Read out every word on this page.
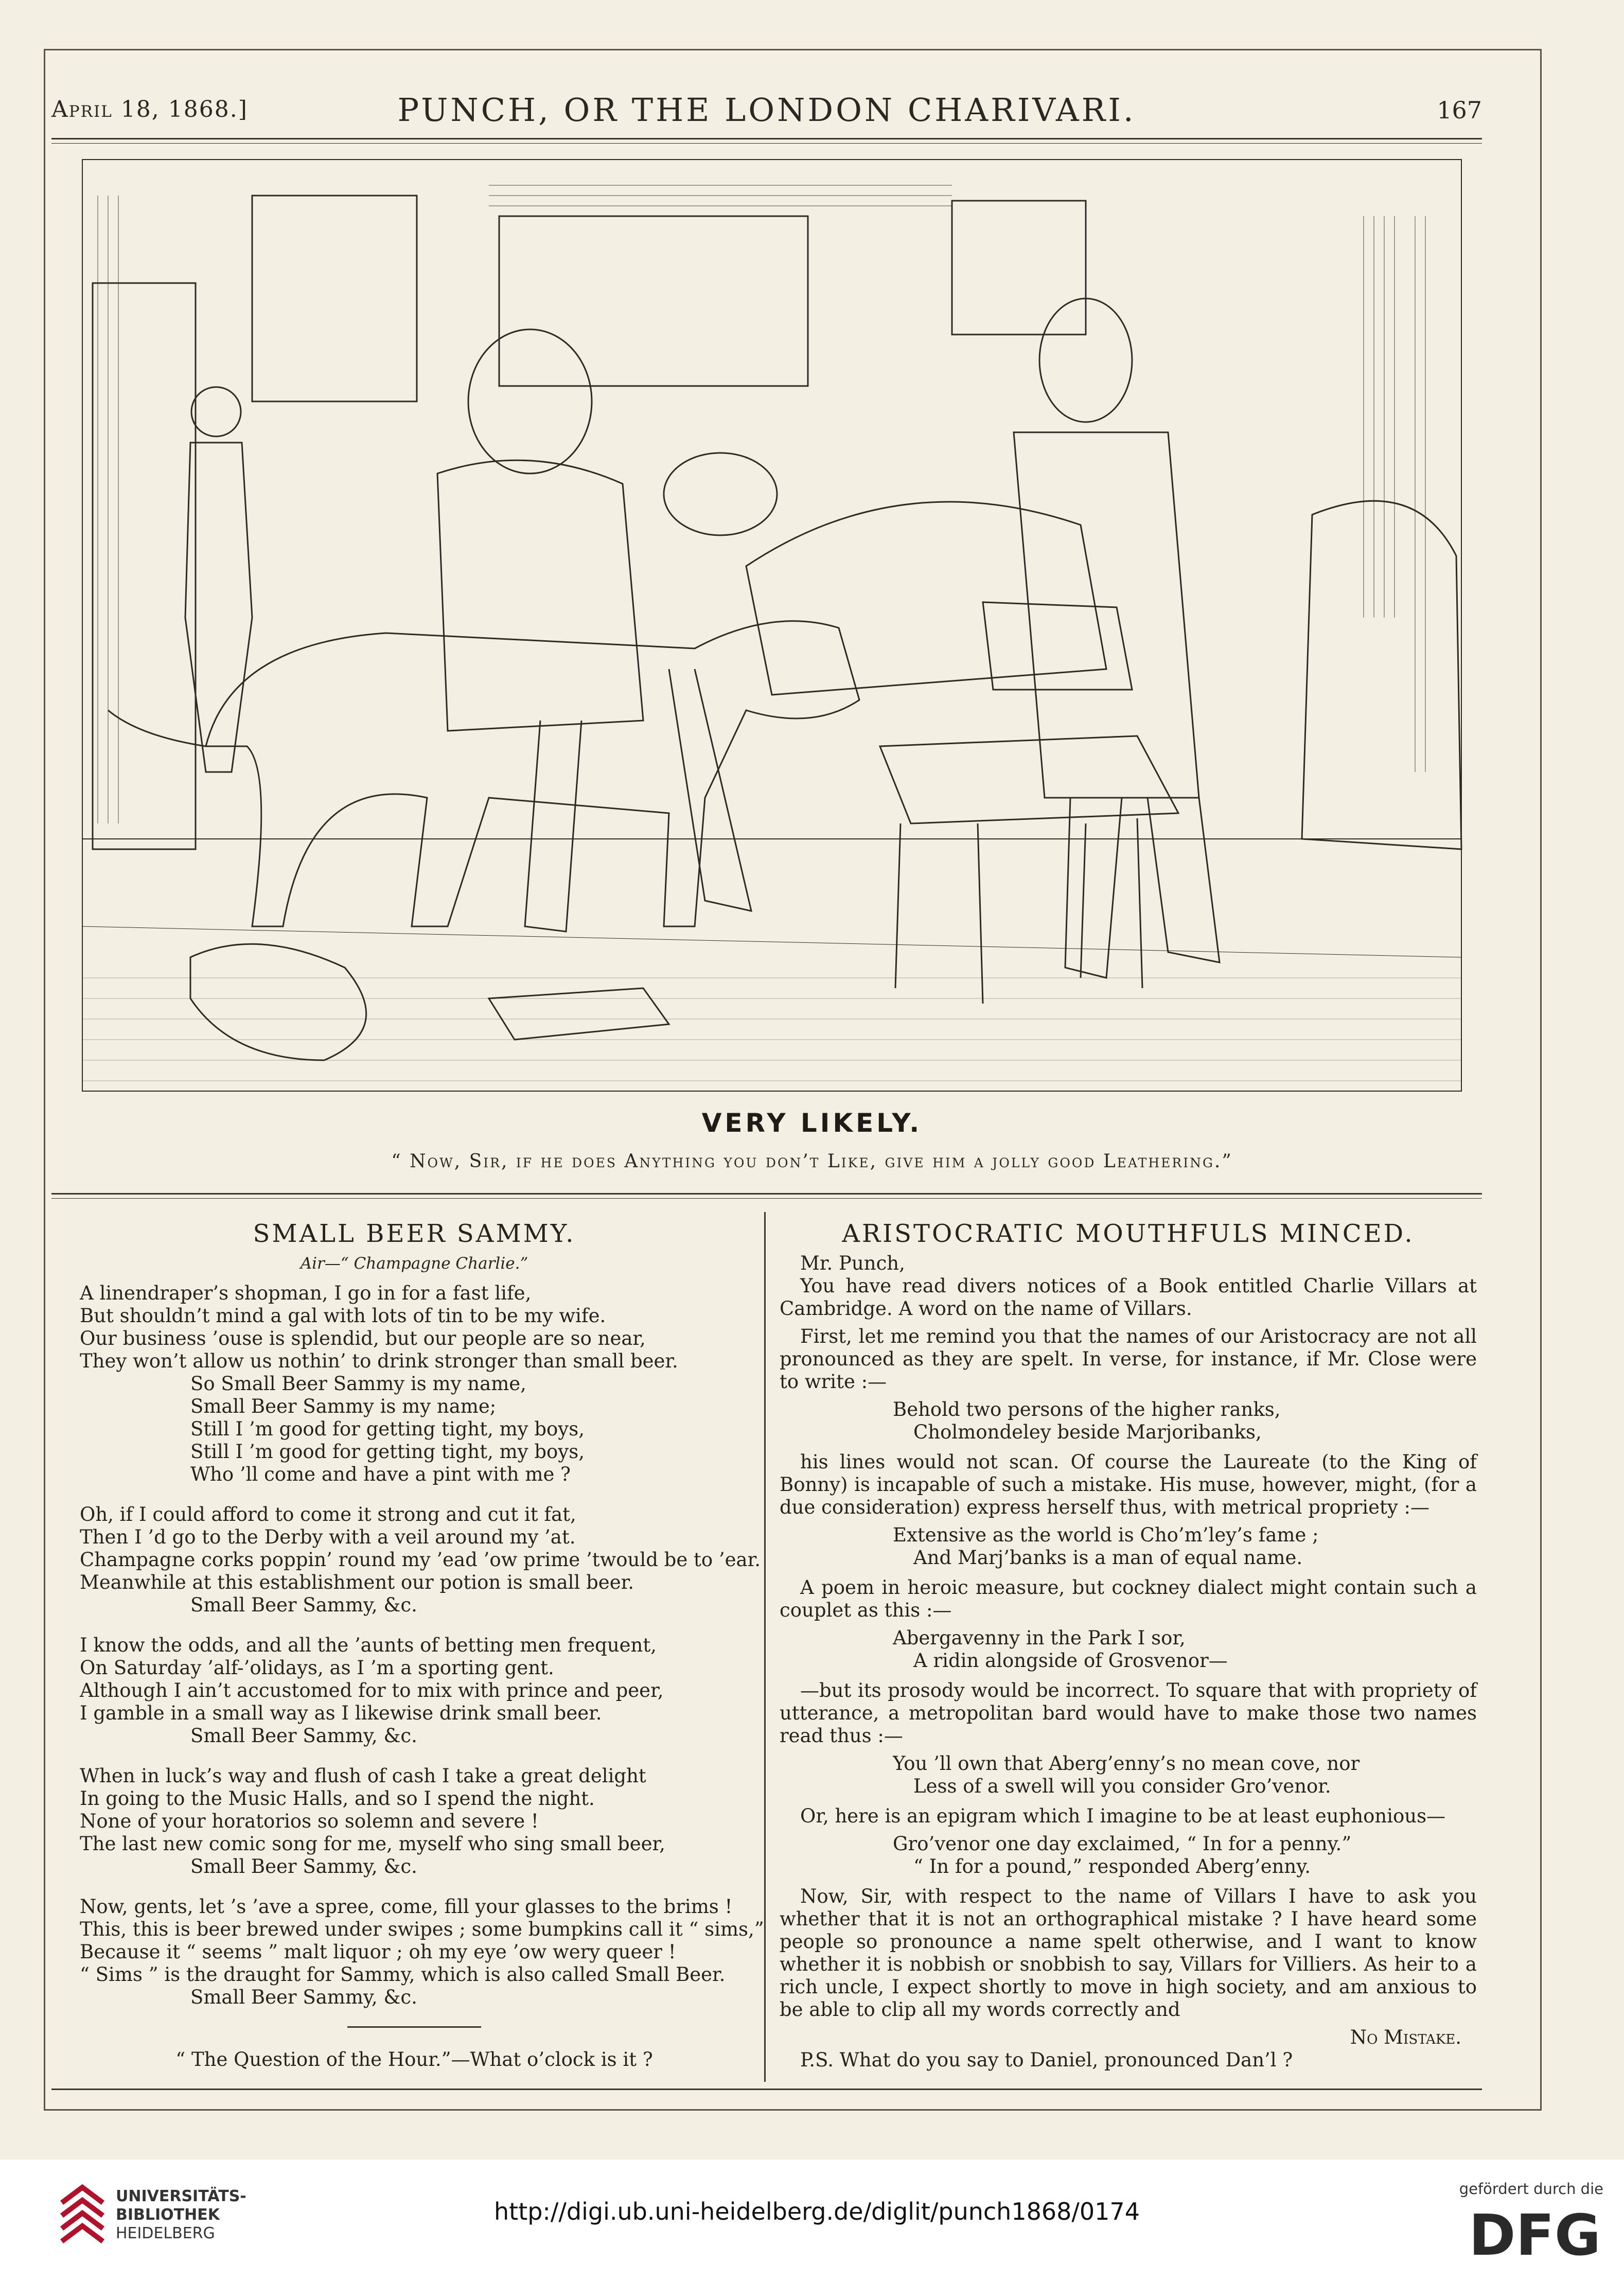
April 18, 1868.]	PUNCH, OR THE LONDON CHARIVARI.	167
VERY LIKELY.
“ Now, Sir, if he does Anything you don’t Like, give him a jolly good Leathering.”
SMALL BEER SAMMY.
Air—“ Champagne Charlie.”
A linendraper’s shopman, I go in for a fast life,
But shouldn’t mind a gal with lots of tin to be my wife.
Our business ’ouse is splendid, but our people are so near,
They won’t allow us nothin’ to drink stronger than small beer.
So Small Beer Sammy is my name,
Small Beer Sammy is my name;
Still I ’m good for getting tight, my boys,
Still I ’m good for getting tight, my boys,
Who ’ll come and have a pint with me ?
Oh, if I could afford to come it strong and cut it fat,
Then I ’d go to the Derby with a veil around my ’at.
Champagne corks poppin’ round my ’ead ’ow prime ’twould be to ’ear.
Meanwhile at this establishment our potion is small beer.
Small Beer Sammy, &c.
I know the odds, and all the ’aunts of betting men frequent,
On Saturday ’alf-’olidays, as I ’m a sporting gent.
Although I ain’t accustomed for to mix with prince and peer,
I gamble in a small way as I likewise drink small beer.
Small Beer Sammy, &c.
When in luck’s way and flush of cash I take a great delight
In going to the Music Halls, and so I spend the night.
None of your horatorios so solemn and severe !
The last new comic song for me, myself who sing small beer,
Small Beer Sammy, &c.
Now, gents, let ’s ’ave a spree, come, fill your glasses to the brims !
This, this is beer brewed under swipes ; some bumpkins call it “ sims,”
Because it “ seems ” malt liquor ; oh my eye ’ow wery queer !
“ Sims ” is the draught for Sammy, which is also called Small Beer.
Small Beer Sammy, &c.
“ The Question of the Hour.”—What o’clock is it ?
ARISTOCRATIC MOUTHFULS MINCED.
Mr. Punch,
You have read divers notices of a Book entitled Charlie Villars at Cambridge. A word on the name of Villars.
First, let me remind you that the names of our Aristocracy are not all pronounced as they are spelt. In verse, for instance, if Mr. Close were to write :—
Behold two persons of the higher ranks,
Cholmondeley beside Marjoribanks,
his lines would not scan. Of course the Laureate (to the King of Bonny) is incapable of such a mistake. His muse, however, might, (for a due consideration) express herself thus, with metrical propriety :—
Extensive as the world is Cho’m’ley’s fame ;
And Marj’banks is a man of equal name.
A poem in heroic measure, but cockney dialect might contain such a couplet as this :—
Abergavenny in the Park I sor,
A ridin alongside of Grosvenor—
—but its prosody would be incorrect. To square that with propriety of utterance, a metropolitan bard would have to make those two names read thus :—
You ’ll own that Aberg’enny’s no mean cove, nor
Less of a swell will you consider Gro’venor.
Or, here is an epigram which I imagine to be at least euphonious—
Gro’venor one day exclaimed, “ In for a penny.”
“ In for a pound,” responded Aberg’enny.
Now, Sir, with respect to the name of Villars I have to ask you whether that it is not an orthographical mistake ? I have heard some people so pronounce a name spelt otherwise, and I want to know whether it is nobbish or snobbish to say, Villars for Villiers. As heir to a rich uncle, I expect shortly to move in high society, and am anxious to be able to clip all my words correctly and
No Mistake.
P.S. What do you say to Daniel, pronounced Dan’l ?
UNIVERSITÄTS-
BIBLIOTHEK
HEIDELBERG
http://digi.ub.uni-heidelberg.de/diglit/punch1868/0174
gefördert durch die
DFG
